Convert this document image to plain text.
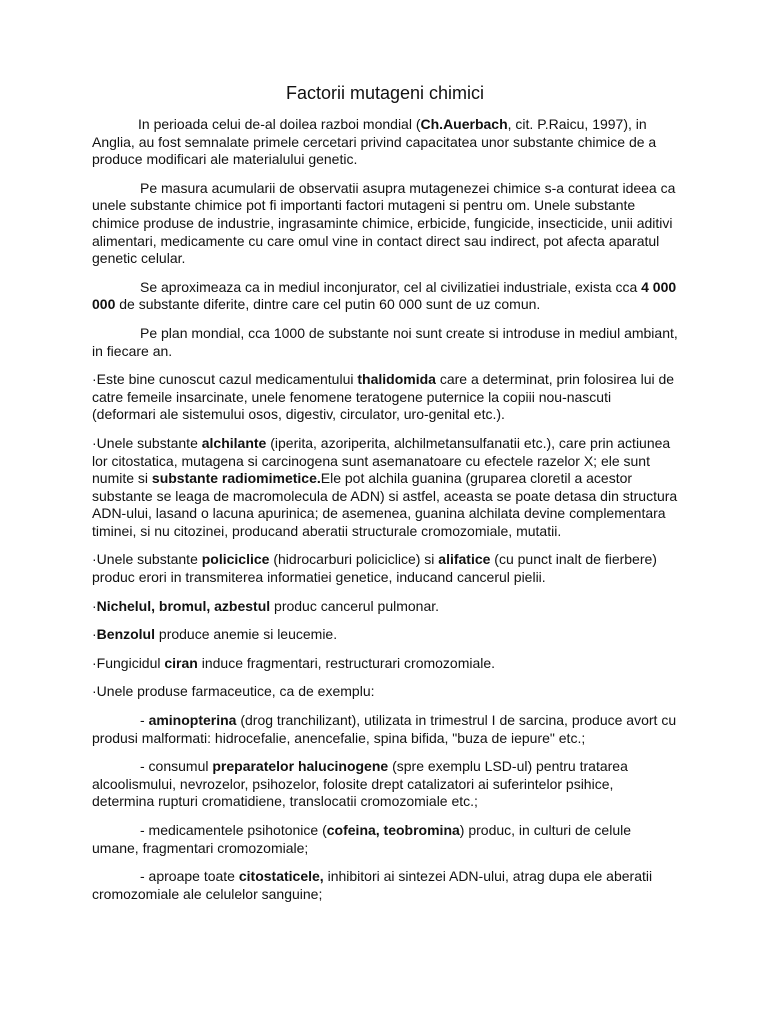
Factorii mutageni chimici

In perioada celui de-al doilea razboi mondial (Ch.Auerbach, cit. P.Raicu, 1997), in Anglia, au fost semnalate primele cercetari privind capacitatea unor substante chimice de a produce modificari ale materialului genetic.

Pe masura acumularii de observatii asupra mutagenezei chimice s-a conturat ideea ca unele substante chimice pot fi importanti factori mutageni si pentru om. Unele substante chimice produse de industrie, ingrasaminte chimice, erbicide, fungicide, insecticide, unii aditivi alimentari, medicamente cu care omul vine in contact direct sau indirect, pot afecta aparatul genetic celular.

Se aproximeaza ca in mediul inconjurator, cel al civilizatiei industriale, exista cca 4 000 000 de substante diferite, dintre care cel putin 60 000 sunt de uz comun.

Pe plan mondial, cca 1000 de substante noi sunt create si introduse in mediul ambiant, in fiecare an.

·Este bine cunoscut cazul medicamentului thalidomida care a determinat, prin folosirea lui de catre femeile insarcinate, unele fenomene teratogene puternice la copiii nou-nascuti (deformari ale sistemului osos, digestiv, circulator, uro-genital etc.).

·Unele substante alchilante (iperita, azoriperita, alchilmetansulfanatii etc.), care prin actiunea lor citostatica, mutagena si carcinogena sunt asemanatoare cu efectele razelor X; ele sunt numite si substante radiomimetice.Ele pot alchila guanina (gruparea cloretil a acestor substante se leaga de macromolecula de ADN) si astfel, aceasta se poate detasa din structura ADN-ului, lasand o lacuna apurinica; de asemenea, guanina alchilata devine complementara timinei, si nu citozinei, producand aberatii structurale cromozomiale, mutatii.

·Unele substante policiclice (hidrocarburi policiclice) si alifatice (cu punct inalt de fierbere) produc erori in transmiterea informatiei genetice, inducand cancerul pielii.

·Nichelul, bromul, azbestul produc cancerul pulmonar.

·Benzolul produce anemie si leucemie.

·Fungicidul ciran induce fragmentari, restructurari cromozomiale.

·Unele produse farmaceutice, ca de exemplu:

- aminopterina (drog tranchilizant), utilizata in trimestrul I de sarcina, produce avort cu produsi malformati: hidrocefalie, anencefalie, spina bifida, "buza de iepure" etc.;

- consumul preparatelor halucinogene (spre exemplu LSD-ul) pentru tratarea alcoolismului, nevrozelor, psihozelor, folosite drept catalizatori ai suferintelor psihice, determina rupturi cromatidiene, translocatii cromozomiale etc.;

- medicamentele psihotonice (cofeina, teobromina) produc, in culturi de celule umane, fragmentari cromozomiale;

- aproape toate citostaticele, inhibitori ai sintezei ADN-ului, atrag dupa ele aberatii cromozomiale ale celulelor sanguine;
